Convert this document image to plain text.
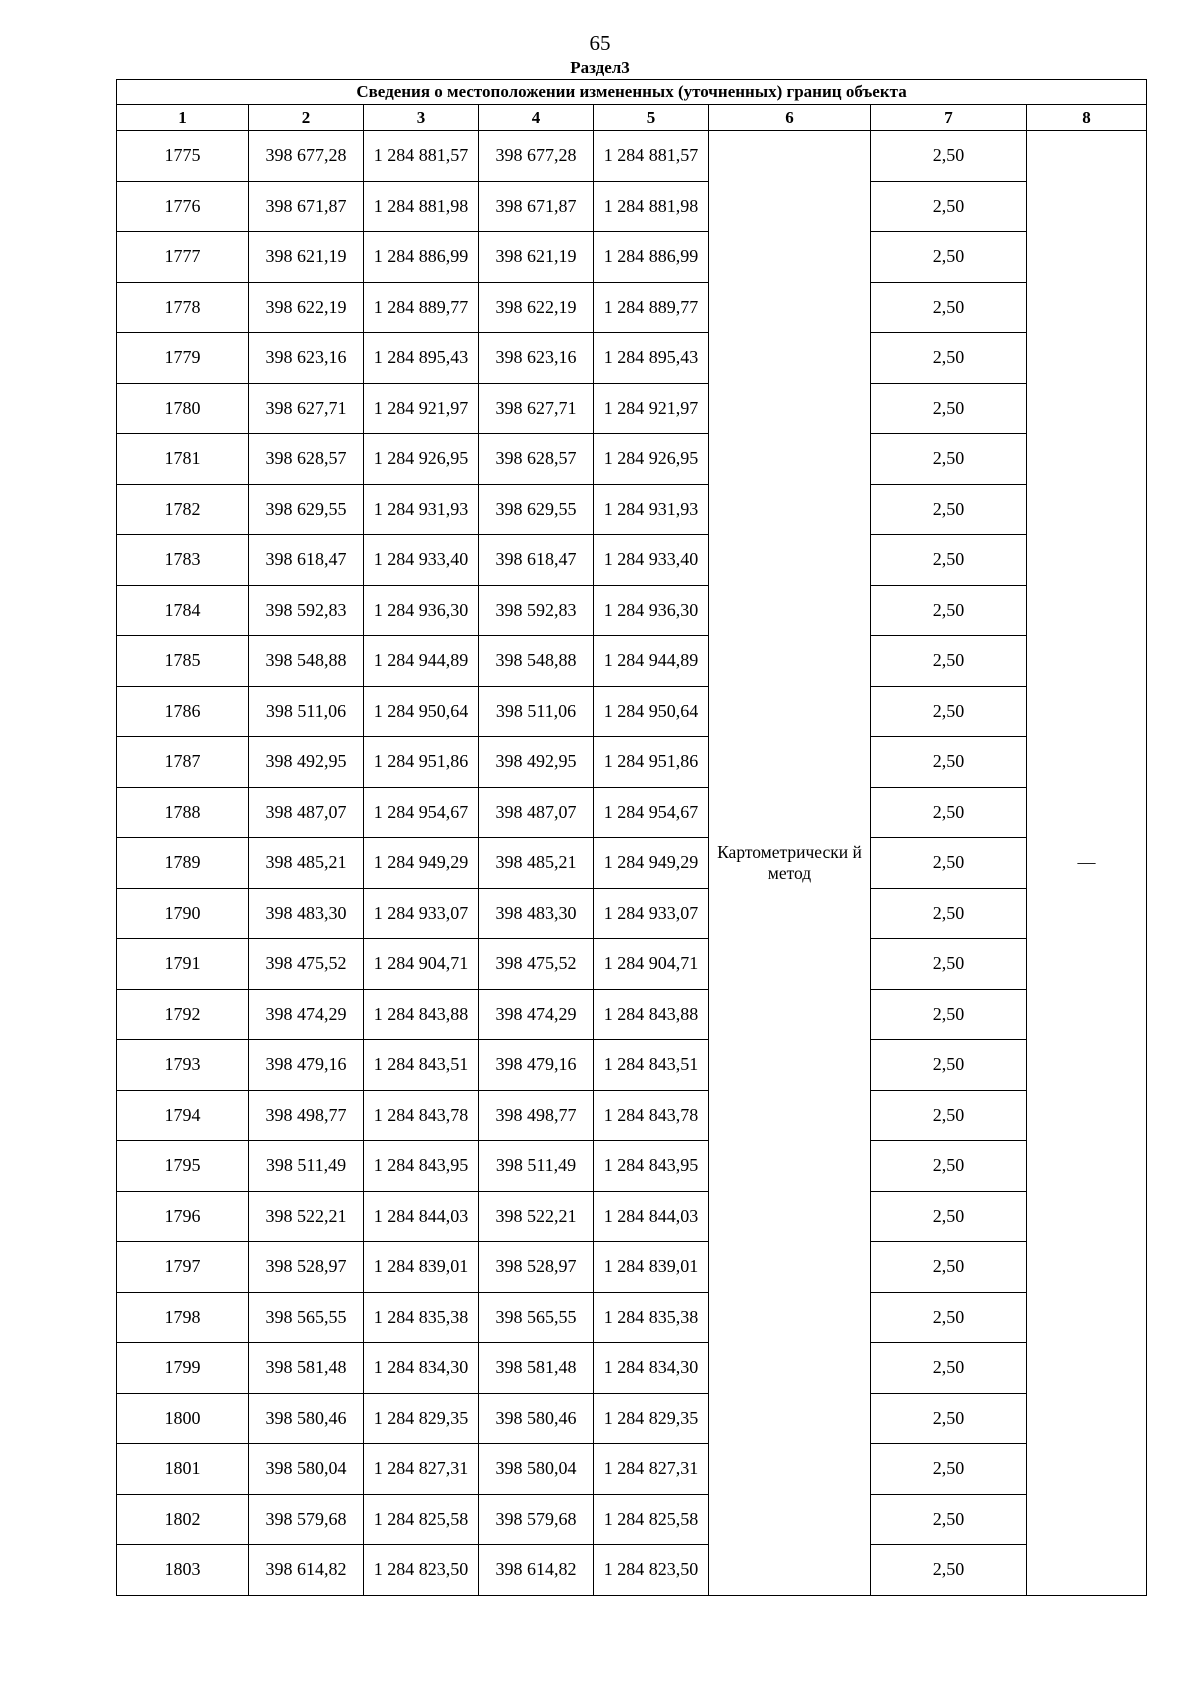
65
Раздел3
Сведения о местоположении измененных (уточненных) границ объекта							
1	2	3	4	5	6	7	8
1775	398 677,28	1 284 881,57	398 677,28	1 284 881,57	Картометрически й метод	2,50	—
1776	398 671,87	1 284 881,98	398 671,87	1 284 881,98		2,50	
1777	398 621,19	1 284 886,99	398 621,19	1 284 886,99		2,50	
1778	398 622,19	1 284 889,77	398 622,19	1 284 889,77		2,50	
1779	398 623,16	1 284 895,43	398 623,16	1 284 895,43		2,50	
1780	398 627,71	1 284 921,97	398 627,71	1 284 921,97		2,50	
1781	398 628,57	1 284 926,95	398 628,57	1 284 926,95		2,50	
1782	398 629,55	1 284 931,93	398 629,55	1 284 931,93		2,50	
1783	398 618,47	1 284 933,40	398 618,47	1 284 933,40		2,50	
1784	398 592,83	1 284 936,30	398 592,83	1 284 936,30		2,50	
1785	398 548,88	1 284 944,89	398 548,88	1 284 944,89		2,50	
1786	398 511,06	1 284 950,64	398 511,06	1 284 950,64		2,50	
1787	398 492,95	1 284 951,86	398 492,95	1 284 951,86		2,50	
1788	398 487,07	1 284 954,67	398 487,07	1 284 954,67		2,50	
1789	398 485,21	1 284 949,29	398 485,21	1 284 949,29		2,50	
1790	398 483,30	1 284 933,07	398 483,30	1 284 933,07		2,50	
1791	398 475,52	1 284 904,71	398 475,52	1 284 904,71		2,50	
1792	398 474,29	1 284 843,88	398 474,29	1 284 843,88		2,50	
1793	398 479,16	1 284 843,51	398 479,16	1 284 843,51		2,50	
1794	398 498,77	1 284 843,78	398 498,77	1 284 843,78		2,50	
1795	398 511,49	1 284 843,95	398 511,49	1 284 843,95		2,50	
1796	398 522,21	1 284 844,03	398 522,21	1 284 844,03		2,50	
1797	398 528,97	1 284 839,01	398 528,97	1 284 839,01		2,50	
1798	398 565,55	1 284 835,38	398 565,55	1 284 835,38		2,50	
1799	398 581,48	1 284 834,30	398 581,48	1 284 834,30		2,50	
1800	398 580,46	1 284 829,35	398 580,46	1 284 829,35		2,50	
1801	398 580,04	1 284 827,31	398 580,04	1 284 827,31		2,50	
1802	398 579,68	1 284 825,58	398 579,68	1 284 825,58		2,50	
1803	398 614,82	1 284 823,50	398 614,82	1 284 823,50		2,50	
